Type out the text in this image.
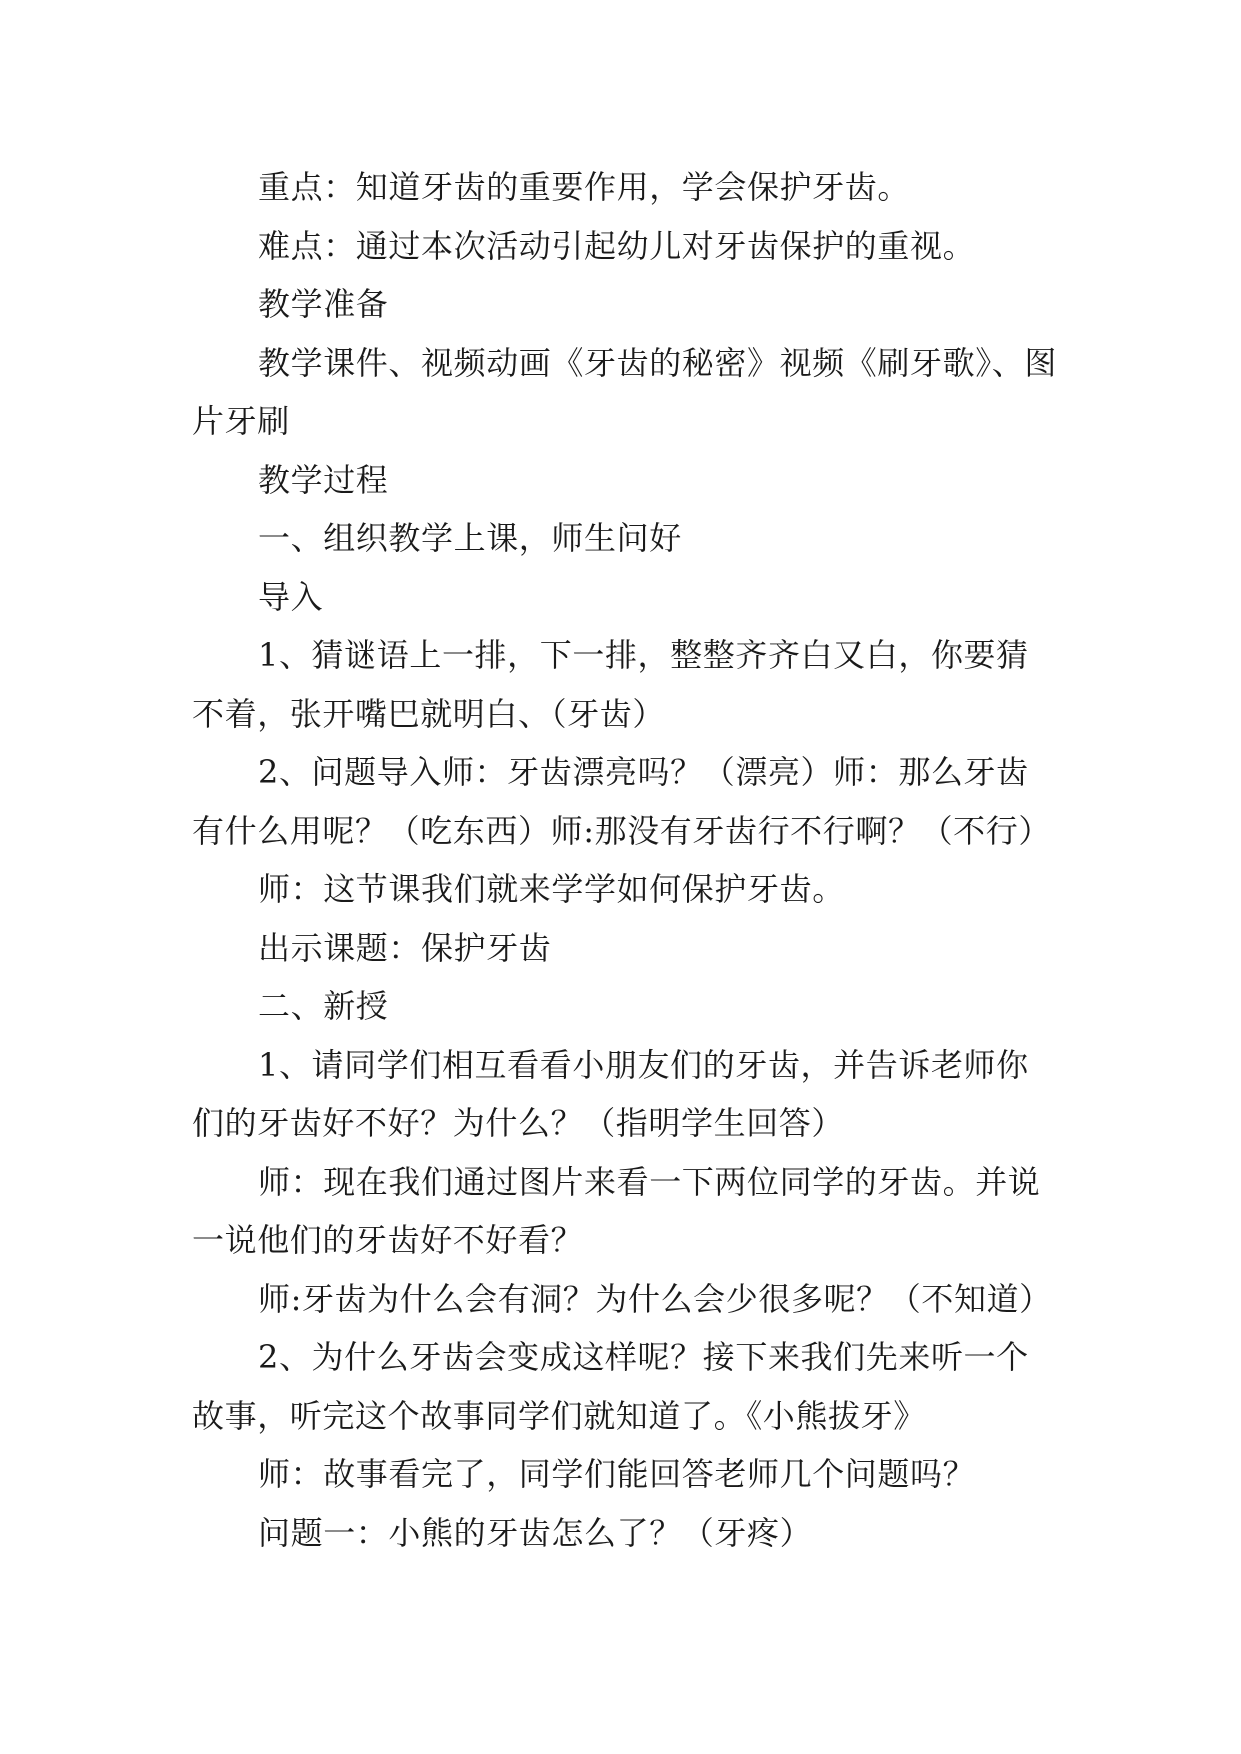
重点：知道牙齿的重要作用，学会保护牙齿。

难点：通过本次活动引起幼儿对牙齿保护的重视。

教学准备

教学课件、视频动画《牙齿的秘密》视频《刷牙歌》、图片牙刷

教学过程

一、组织教学上课，师生问好

导入

1、猜谜语上一排，下一排，整整齐齐白又白，你要猜不着，张开嘴巴就明白、（牙齿）

2、问题导入师：牙齿漂亮吗？（漂亮）师：那么牙齿有什么用呢？（吃东西）师:那没有牙齿行不行啊？（不行）

师：这节课我们就来学学如何保护牙齿。

出示课题：保护牙齿

二、新授

1、请同学们相互看看小朋友们的牙齿，并告诉老师你们的牙齿好不好？为什么？（指明学生回答）

师：现在我们通过图片来看一下两位同学的牙齿。并说一说他们的牙齿好不好看？

师:牙齿为什么会有洞？为什么会少很多呢？（不知道）

2、为什么牙齿会变成这样呢？接下来我们先来听一个故事，听完这个故事同学们就知道了。《小熊拔牙》

师：故事看完了，同学们能回答老师几个问题吗？

问题一：小熊的牙齿怎么了？（牙疼）
